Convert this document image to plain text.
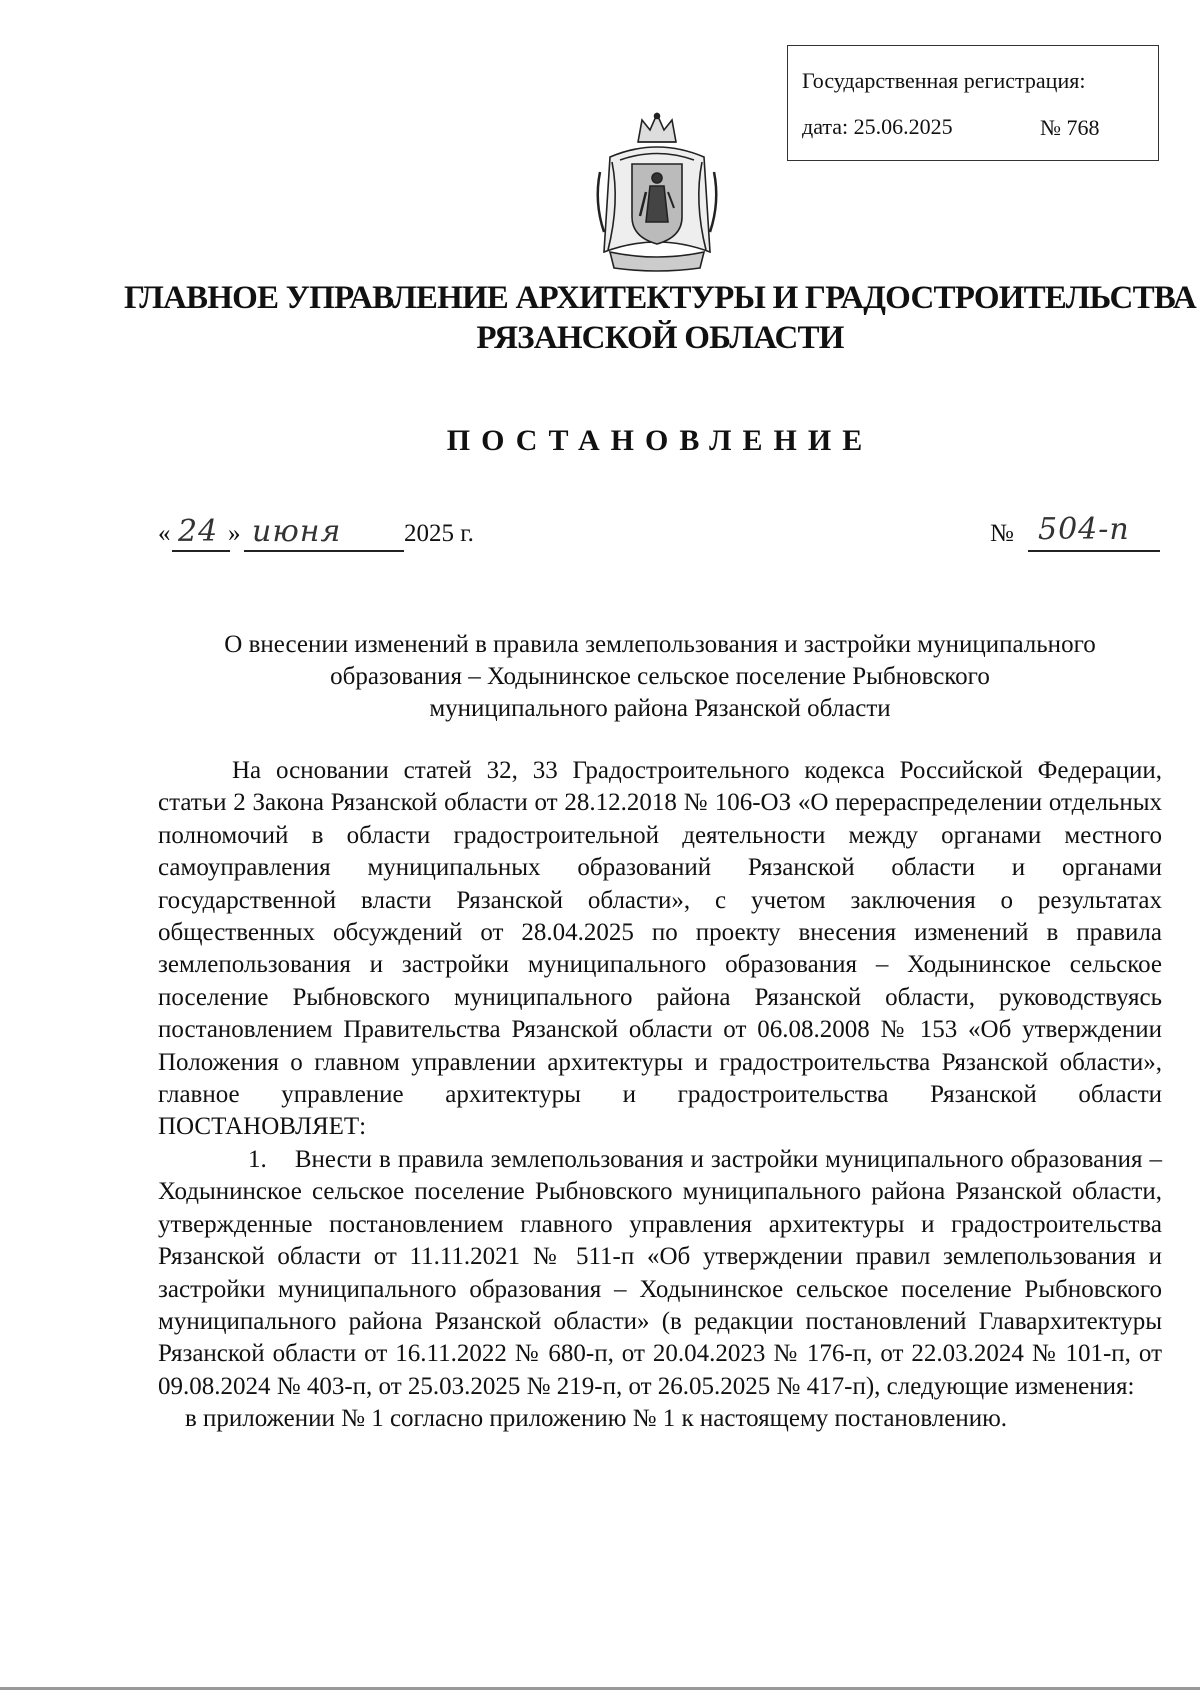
Государственная регистрация:
дата: 25.06.2025	№ 768
ГЛАВНОЕ УПРАВЛЕНИЕ АРХИТЕКТУРЫ И ГРАДОСТРОИТЕЛЬСТВА
РЯЗАНСКОЙ ОБЛАСТИ
ПОСТАНОВЛЕНИЕ
« 24 » июня	2025 г.	№ 504-п
О внесении изменений в правила землепользования и застройки муниципального
образования – Ходынинское сельское поселение Рыбновского
муниципального района Рязанской области
На основании статей 32, 33 Градостроительного кодекса Российской Федерации, статьи 2 Закона Рязанской области от 28.12.2018 № 106-ОЗ «О перераспределении отдельных полномочий в области градостроительной деятельности между органами местного самоуправления муниципальных образований Рязанской области и органами государственной власти Рязанской области», с учетом заключения о результатах общественных обсуждений от 28.04.2025 по проекту внесения изменений в правила землепользования и застройки муниципального образования – Ходынинское сельское поселение Рыбновского муниципального района Рязанской области, руководствуясь постановлением Правительства Рязанской области от 06.08.2008 № 153 «Об утверждении Положения о главном управлении архитектуры и градостроительства Рязанской области», главное управление архитектуры и градостроительства Рязанской области ПОСТАНОВЛЯЕТ:
1.    Внести в правила землепользования и застройки муниципального образования – Ходынинское сельское поселение Рыбновского муниципального района Рязанской области, утвержденные постановлением главного управления архитектуры и градостроительства Рязанской области от 11.11.2021 № 511-п «Об утверждении правил землепользования и застройки муниципального образования – Ходынинское сельское поселение Рыбновского муниципального района Рязанской области» (в редакции постановлений Главархитектуры Рязанской области от 16.11.2022 № 680-п, от 20.04.2023 № 176-п, от 22.03.2024 № 101-п, от 09.08.2024 № 403-п, от 25.03.2025 № 219-п, от 26.05.2025 № 417-п), следующие изменения:
в приложении № 1 согласно приложению № 1 к настоящему постановлению.
